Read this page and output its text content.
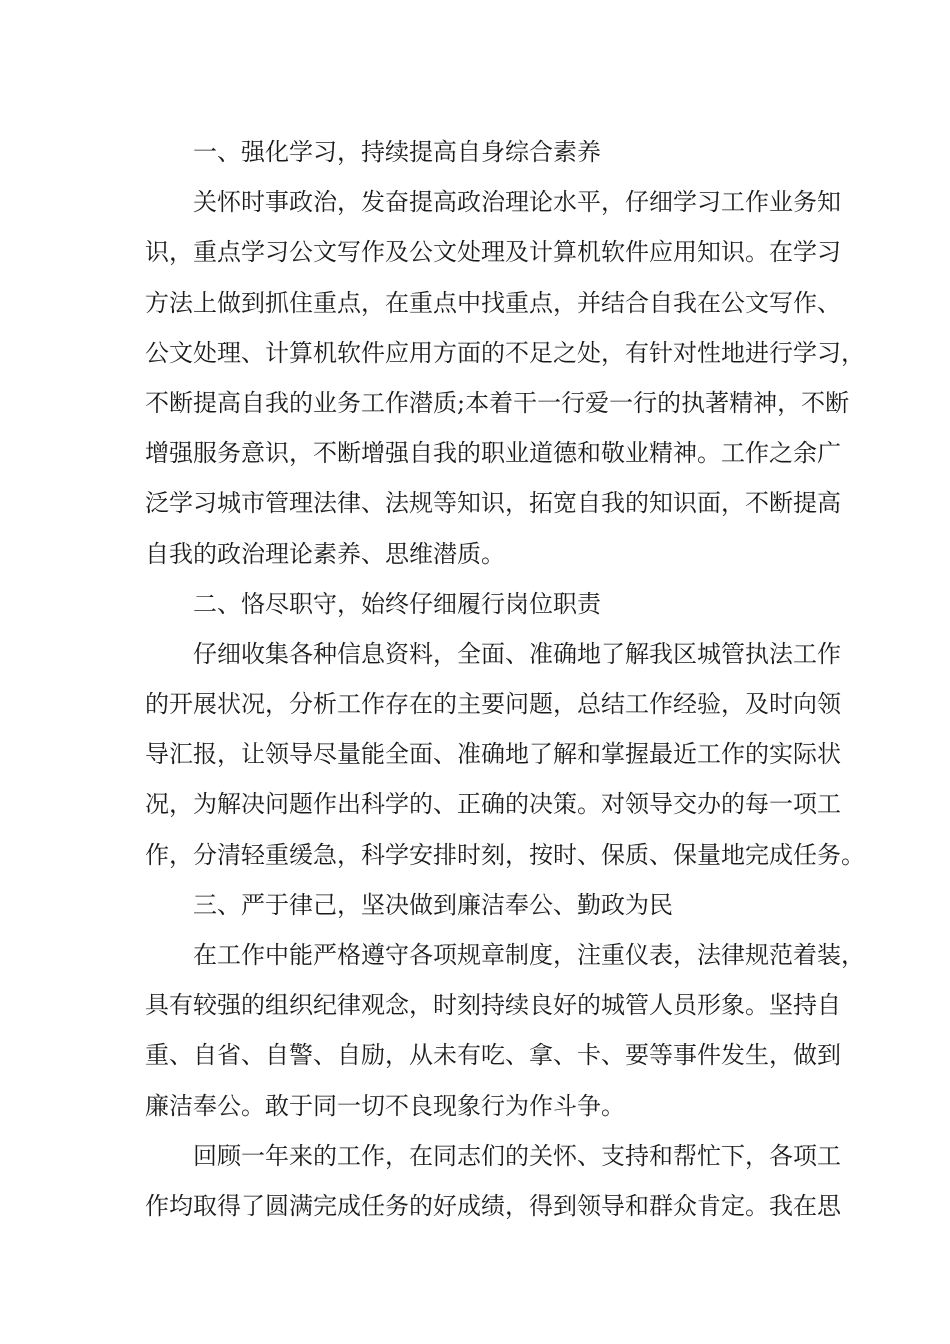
一、强化学习，持续提高自身综合素养
关怀时事政治，发奋提高政治理论水平，仔细学习工作业务知
识，重点学习公文写作及公文处理及计算机软件应用知识。在学习
方法上做到抓住重点，在重点中找重点，并结合自我在公文写作、
公文处理、计算机软件应用方面的不足之处，有针对性地进行学习，
不断提高自我的业务工作潜质;本着干一行爱一行的执著精神，不断
增强服务意识，不断增强自我的职业道德和敬业精神。工作之余广
泛学习城市管理法律、法规等知识，拓宽自我的知识面，不断提高
自我的政治理论素养、思维潜质。
二、恪尽职守，始终仔细履行岗位职责
仔细收集各种信息资料，全面、准确地了解我区城管执法工作
的开展状况，分析工作存在的主要问题，总结工作经验，及时向领
导汇报，让领导尽量能全面、准确地了解和掌握最近工作的实际状
况，为解决问题作出科学的、正确的决策。对领导交办的每一项工
作，分清轻重缓急，科学安排时刻，按时、保质、保量地完成任务。
三、严于律己，坚决做到廉洁奉公、勤政为民
在工作中能严格遵守各项规章制度，注重仪表，法律规范着装，
具有较强的组织纪律观念，时刻持续良好的城管人员形象。坚持自
重、自省、自警、自励，从未有吃、拿、卡、要等事件发生，做到
廉洁奉公。敢于同一切不良现象行为作斗争。
回顾一年来的工作，在同志们的关怀、支持和帮忙下，各项工
作均取得了圆满完成任务的好成绩，得到领导和群众肯定。我在思
